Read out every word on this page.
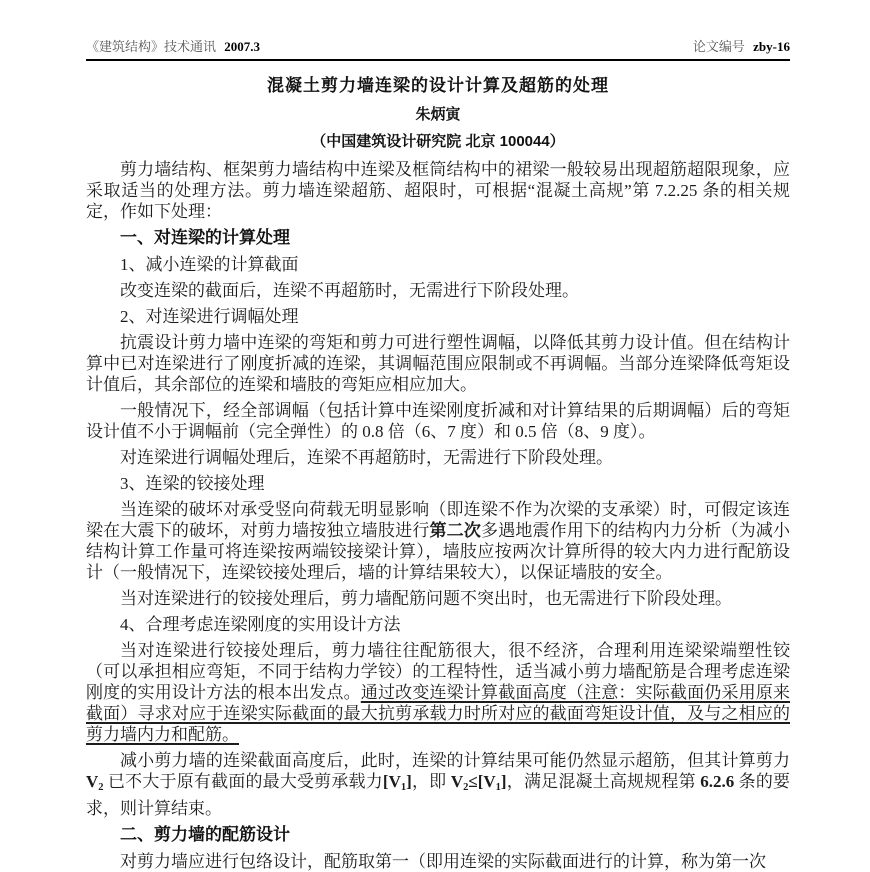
《建筑结构》技术通讯 2007.3	论文编号 zby-16
混凝土剪力墙连梁的设计计算及超筋的处理
朱炳寅
（中国建筑设计研究院 北京 100044）

剪力墙结构、框架剪力墙结构中连梁及框筒结构中的裙梁一般较易出现超筋超限现象，应采取适当的处理方法。剪力墙连梁超筋、超限时，可根据“混凝土高规”第 7.2.25 条的相关规定，作如下处理：

一、对连梁的计算处理

1、减小连梁的计算截面

改变连梁的截面后，连梁不再超筋时，无需进行下阶段处理。

2、对连梁进行调幅处理

抗震设计剪力墙中连梁的弯矩和剪力可进行塑性调幅，以降低其剪力设计值。但在结构计算中已对连梁进行了刚度折减的连梁，其调幅范围应限制或不再调幅。当部分连梁降低弯矩设计值后，其余部位的连梁和墙肢的弯矩应相应加大。

一般情况下，经全部调幅（包括计算中连梁刚度折减和对计算结果的后期调幅）后的弯矩设计值不小于调幅前（完全弹性）的 0.8 倍（6、7 度）和 0.5 倍（8、9 度）。

对连梁进行调幅处理后，连梁不再超筋时，无需进行下阶段处理。

3、连梁的铰接处理

当连梁的破坏对承受竖向荷载无明显影响（即连梁不作为次梁的支承梁）时，可假定该连梁在大震下的破坏，对剪力墙按独立墙肢进行第二次多遇地震作用下的结构内力分析（为减小结构计算工作量可将连梁按两端铰接梁计算），墙肢应按两次计算所得的较大内力进行配筋设计（一般情况下，连梁铰接处理后，墙的计算结果较大），以保证墙肢的安全。

当对连梁进行的铰接处理后，剪力墙配筋问题不突出时，也无需进行下阶段处理。

4、合理考虑连梁刚度的实用设计方法

当对连梁进行铰接处理后，剪力墙往往配筋很大，很不经济，合理利用连梁梁端塑性铰（可以承担相应弯矩，不同于结构力学铰）的工程特性，适当减小剪力墙配筋是合理考虑连梁刚度的实用设计方法的根本出发点。通过改变连梁计算截面高度（注意：实际截面仍采用原来截面）寻求对应于连梁实际截面的最大抗剪承载力时所对应的截面弯矩设计值，及与之相应的剪力墙内力和配筋。

减小剪力墙的连梁截面高度后，此时，连梁的计算结果可能仍然显示超筋，但其计算剪力 $V_2$ 已不大于原有截面的最大受剪承载力$[V_1]$，即 $V_2\le[V_1]$，满足混凝土高规规程第 6.2.6 条的要求，则计算结束。

二、剪力墙的配筋设计

对剪力墙应进行包络设计，配筋取第一（即用连梁的实际截面进行的计算，称为第一次
